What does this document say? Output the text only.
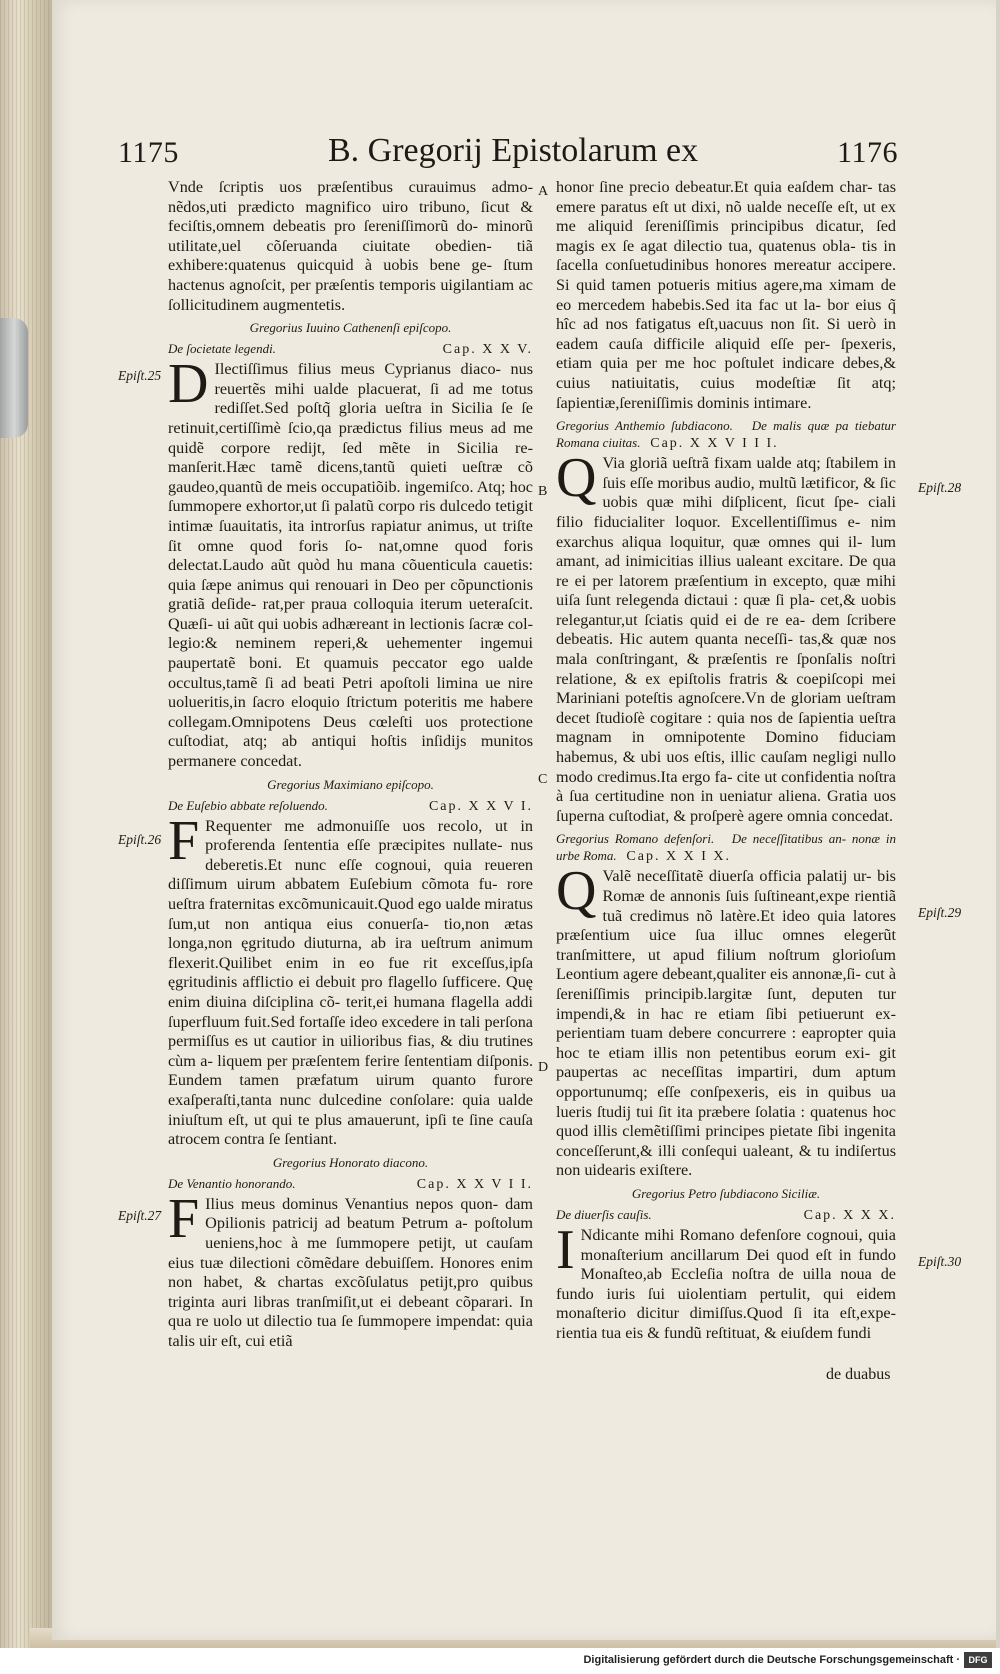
1175	B. Gregorij Epistolarum ex	1176

Vnde ſcriptis uos præſentibus curauimus admo- nẽdos,uti prædicto magnifico uiro tribuno, ſicut & feciſtis,omnem debeatis pro ſereniſſimorũ do- minorũ utilitate,uel cõſeruanda ciuitate obedien- tiã exhibere:quatenus quicquid à uobis bene ge- ſtum hactenus agnoſcit, per præſentis temporis uigilantiam ac ſollicitudinem augmentetis.

Gregorius Iuuino Cathenenſi epiſcopo.
De ſocietate legendi.	Cap. X X V.
D Ilectiſſimus filius meus Cyprianus diaco- nus reuertẽs mihi ualde placuerat, ſi ad me totus rediſſet.Sed poſtq̃ gloria ueſtra in Sicilia ſe ſe retinuit,certiſſimè ſcio,qa prædictus filius meus ad me quidẽ corpore redijt, ſed mẽte in Sicilia re- manſerit.Hæc tamẽ dicens,tantũ quieti ueſtræ cõ gaudeo,quantũ de meis occupatiõib. ingemiſco. Atq; hoc ſummopere exhortor,ut ſi palatũ corpo ris dulcedo tetigit intimæ ſuauitatis, ita introrſus rapiatur animus, ut triſte ſit omne quod foris ſo- nat,omne quod foris delectat.Laudo aũt quòd hu mana cõuenticula cauetis: quia ſæpe animus qui renouari in Deo per cõpunctionis gratiã deſide- rat,per praua colloquia iterum ueteraſcit. Quæſi- ui aũt qui uobis adhæreant in lectionis ſacræ col- legio:& neminem reperi,& uehementer ingemui paupertatẽ boni. Et quamuis peccator ego ualde occultus,tamẽ ſi ad beati Petri apoſtoli limina ue nire uolueritis,in ſacro eloquio ſtrictum poteritis me habere collegam.Omnipotens Deus cœleſti uos protectione cuſtodiat, atq; ab antiqui hoſtis inſidijs munitos permanere concedat.
Gregorius Maximiano epiſcopo.
De Euſebio abbate reſoluendo.	Cap. X X V I.
F Requenter me admonuiſſe uos recolo, ut in proferenda ſententia eſſe præcipites nullate- nus deberetis.Et nunc eſſe cognoui, quia reueren diſſimum uirum abbatem Euſebium cõmota fu- rore ueſtra fraternitas excõmunicauit.Quod ego ualde miratus ſum,ut non antiqua eius conuerſa- tio,non ætas longa,non ęgritudo diuturna, ab ira ueſtrum animum flexerit.Quilibet enim in eo fue rit exceſſus,ipſa ęgritudinis afflictio ei debuit pro flagello ſufficere. Quę enim diuina diſciplina cõ- terit,ei humana flagella addi ſuperfluum fuit.Sed fortaſſe ideo excedere in tali perſona permiſſus es ut cautior in uilioribus fias, & diu trutines cùm a- liquem per præſentem ferire ſententiam diſponis. Eundem tamen præfatum uirum quanto furore exaſperaſti,tanta nunc dulcedine conſolare: quia ualde iniuſtum eſt, ut qui te plus amauerunt, ipſi te ſine cauſa atrocem contra ſe ſentiant.
Gregorius Honorato diacono.
De Venantio honorando.	Cap. X X V I I.
F Ilius meus dominus Venantius nepos quon- dam Opilionis patricij ad beatum Petrum a- poſtolum ueniens,hoc à me ſummopere petijt, ut cauſam eius tuæ dilectioni cõmẽdare debuiſſem. Honores enim non habet, & chartas excõſulatus petijt,pro quibus triginta auri libras tranſmiſit,ut ei debeant cõparari. In qua re uolo ut dilectio tua ſe ſummopere impendat: quia talis uir eſt, cui etiã

honor ſine precio debeatur.Et quia eaſdem char- tas emere paratus eſt ut dixi, nõ ualde neceſſe eſt, ut ex me aliquid ſereniſſimis principibus dicatur, ſed magis ex ſe agat dilectio tua, quatenus obla- tis in ſacella conſuetudinibus honores mereatur accipere. Si quid tamen potueris mitius agere,ma ximam de eo mercedem habebis.Sed ita fac ut la- bor eius q̃ hîc ad nos fatigatus eſt,uacuus non ſit. Si uerò in eadem cauſa difficile aliquid eſſe per- ſpexeris, etiam quia per me hoc poſtulet indicare debes,& cuius natiuitatis, cuius modeſtiæ ſit atq; ſapientiæ,ſereniſſimis dominis intimare.

Gregorius Anthemio ſubdiacono. De malis quæ pa tiebatur Romana ciuitas. Cap. X X V I I I.
Q Via gloriã ueſtrã fixam ualde atq; ſtabilem in ſuis eſſe moribus audio, multũ lætificor, & ſic uobis quæ mihi diſplicent, ſicut ſpe- ciali filio fiducialiter loquor. Excellentiſſimus e- nim exarchus aliqua loquitur, quæ omnes qui il- lum amant, ad inimicitias illius ualeant excitare. De qua re ei per latorem præſentium in excepto, quæ mihi uiſa ſunt relegenda dictaui : quæ ſi pla- cet,& uobis relegantur,ut ſciatis quid ei de re ea- dem ſcribere debeatis. Hic autem quanta neceſſi- tas,& quæ nos mala conſtringant, & præſentis re ſponſalis noſtri relatione, & ex epiſtolis fratris & coepiſcopi mei Mariniani poteſtis agnoſcere.Vn de gloriam ueſtram decet ſtudioſè cogitare : quia nos de ſapientia ueſtra magnam in omnipotente Domino fiduciam habemus, & ubi uos eſtis, illic cauſam negligi nullo modo credimus.Ita ergo fa- cite ut confidentia noſtra à ſua certitudine non in ueniatur aliena. Gratia uos ſuperna cuſtodiat, & proſperè agere omnia concedat.
Gregorius Romano defenſori. De neceſſitatibus an- nonæ in urbe Roma. Cap. X X I X.
Q Valẽ neceſſitatẽ diuerſa officia palatij ur- bis Romæ de annonis ſuis ſuſtineant,expe rientiã tuã credimus nõ latère.Et ideo quia latores præſentium uice ſua illuc omnes elegerũt tranſmittere, ut apud filium noſtrum glorioſum Leontium agere debeant,qualiter eis annonæ,ſi- cut à ſereniſſimis principib.largitæ ſunt, deputen tur impendi,& in hac re etiam ſibi petiuerunt ex- perientiam tuam debere concurrere : eapropter quia hoc te etiam illis non petentibus eorum exi- git paupertas ac neceſſitas impartiri, dum aptum opportunumq; eſſe conſpexeris, eis in quibus ua lueris ſtudij tui ſit ita præbere ſolatia : quatenus hoc quod illis clemẽtiſſimi principes pietate ſibi ingenita conceſſerunt,& illi conſequi ualeant, & tu indiſertus non uidearis exiſtere.
Gregorius Petro ſubdiacono Siciliæ.
De diuerſis cauſis.	Cap. X X X.
I Ndicante mihi Romano defenſore cognoui, quia monaſterium ancillarum Dei quod eſt in fundo Monaſteo,ab Eccleſia noſtra de uilla noua de fundo iuris ſui uiolentiam pertulit, qui eidem monaſterio dicitur dimiſſus.Quod ſi ita eſt,expe- rientia tua eis & fundũ reſtituat, & eiuſdem fundi
de duabus
Epiſt.25
Epiſt.26
Epiſt.27
Epiſt.28
Epiſt.29
Epiſt.30
A
B
C
D
Digitalisierung gefördert durch die Deutsche Forschungsgemeinschaft · DFG
